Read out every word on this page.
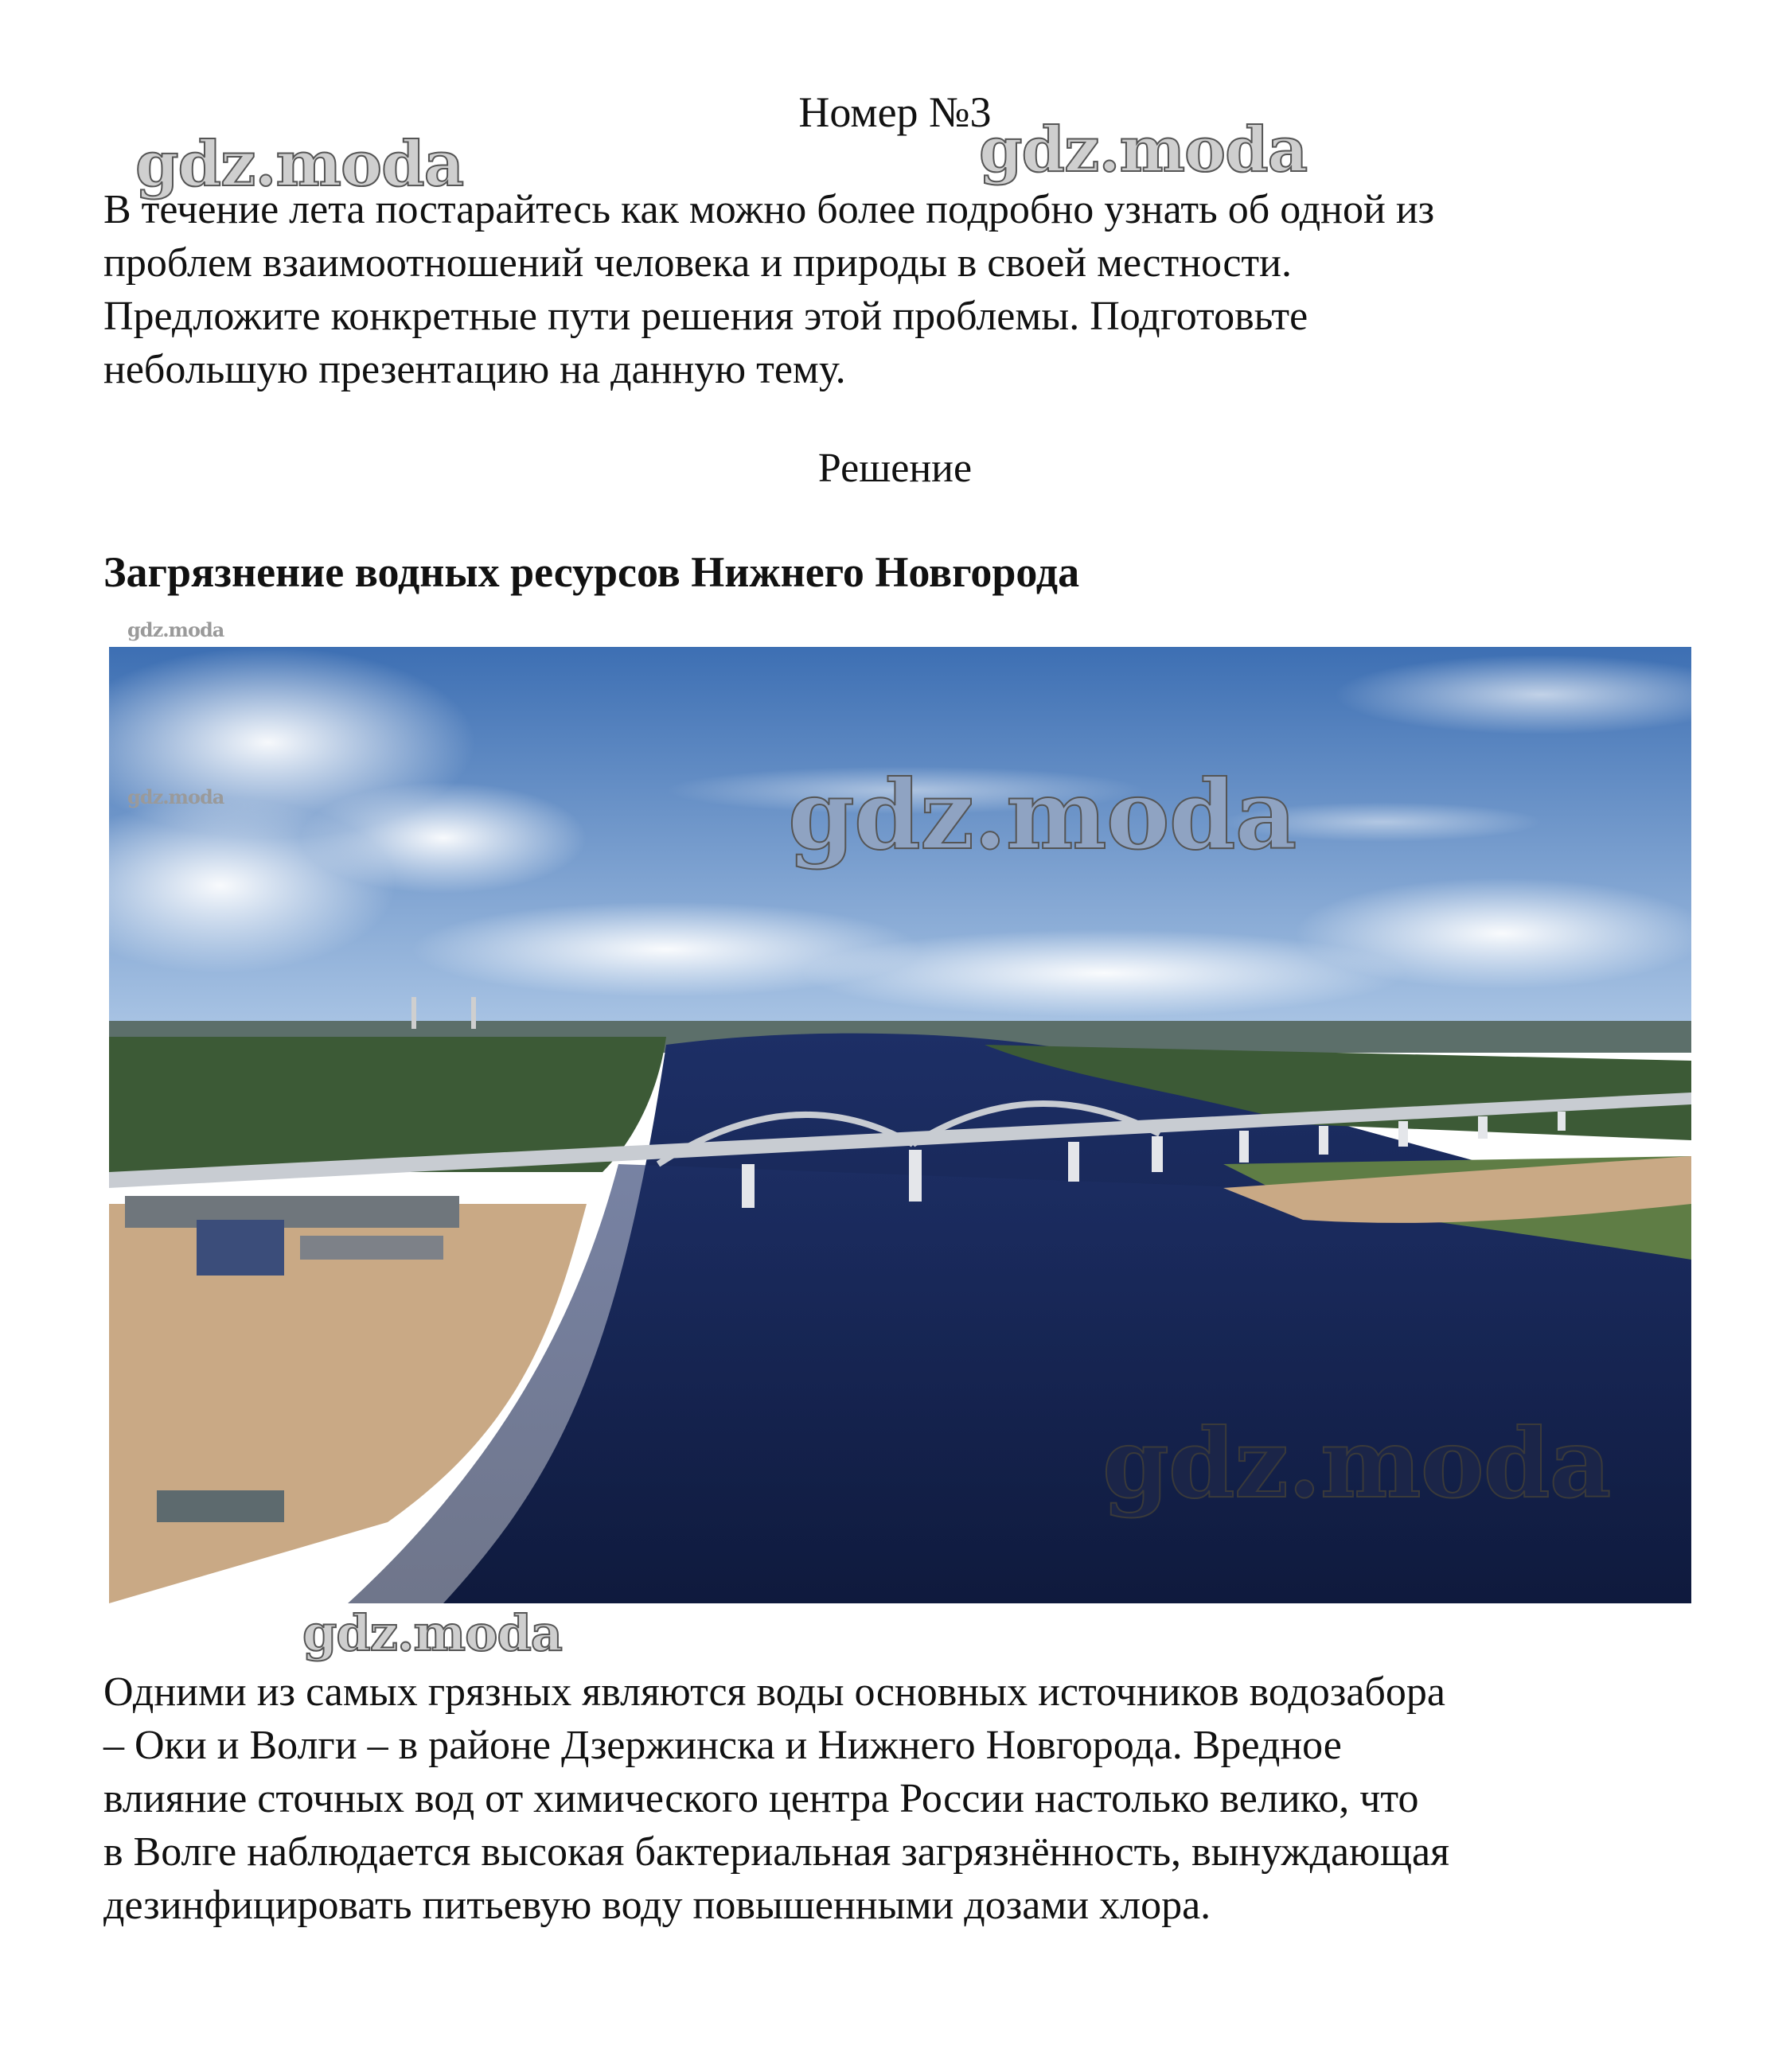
Номер №3
gdz.moda	gdz.moda
В течение лета постарайтесь как можно более подробно узнать об одной из
проблем взаимоотношений человека и природы в своей местности.
Предложите конкретные пути решения этой проблемы. Подготовьте
небольшую презентацию на данную тему.
Решение
Загрязнение водных ресурсов Нижнего Новгорода
gdz.moda
gdz.moda
gdz.moda
gdz.moda
gdz.moda
Одними из самых грязных являются воды основных источников водозабора
– Оки и Волги – в районе Дзержинска и Нижнего Новгорода. Вредное
влияние сточных вод от химического центра России настолько велико, что
в Волге наблюдается высокая бактериальная загрязнённость, вынуждающая
дезинфицировать питьевую воду повышенными дозами хлора.
